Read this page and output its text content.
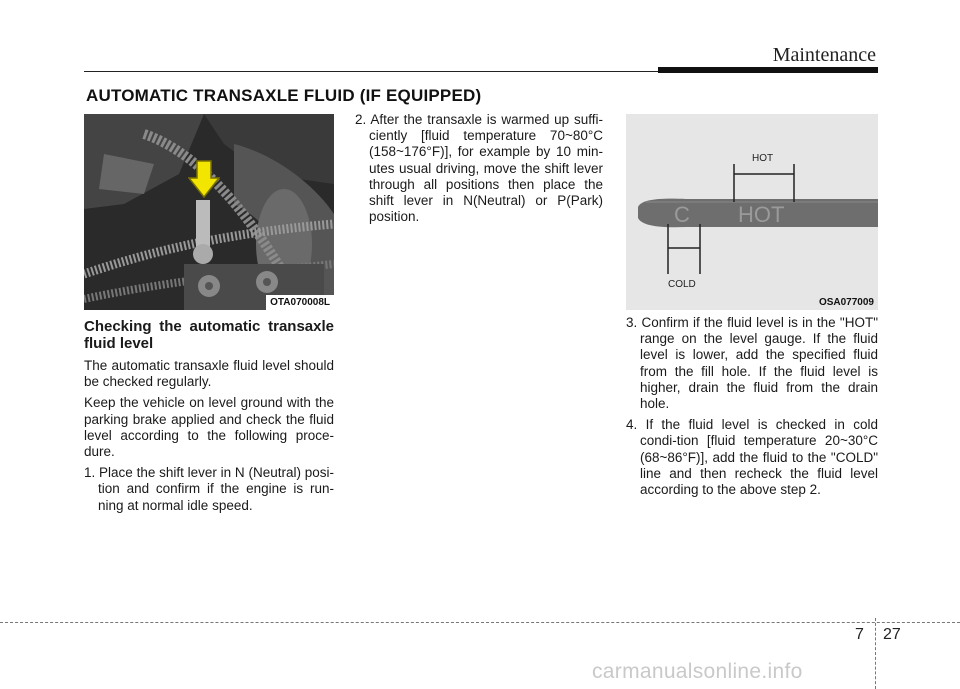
Maintenance
AUTOMATIC TRANSAXLE FLUID (IF EQUIPPED)
OTA070008L
C HOT
HOT
COLD
OSA077009

Checking the automatic transaxle fluid level

The automatic transaxle fluid level should be checked regularly.

Keep the vehicle on level ground with the parking brake applied and check the fluid level according to the following proce-dure.

1. Place the shift lever in N (Neutral) posi-tion and confirm if the engine is run-ning at normal idle speed.

2. After the transaxle is warmed up suffi-ciently [fluid temperature 70~80°C (158~176°F)], for example by 10 min-utes usual driving, move the shift lever through all positions then place the shift lever in N(Neutral) or P(Park) position.

3. Confirm if the fluid level is in the "HOT" range on the level gauge. If the fluid level is lower, add the specified fluid from the fill hole. If the fluid level is higher, drain the fluid from the drain hole.

4. If the fluid level is checked in cold condi-tion [fluid temperature 20~30°C (68~86°F)], add the fluid to the "COLD" line and then recheck the fluid level according to the above step 2.

7 27
carmanualsonline.info
